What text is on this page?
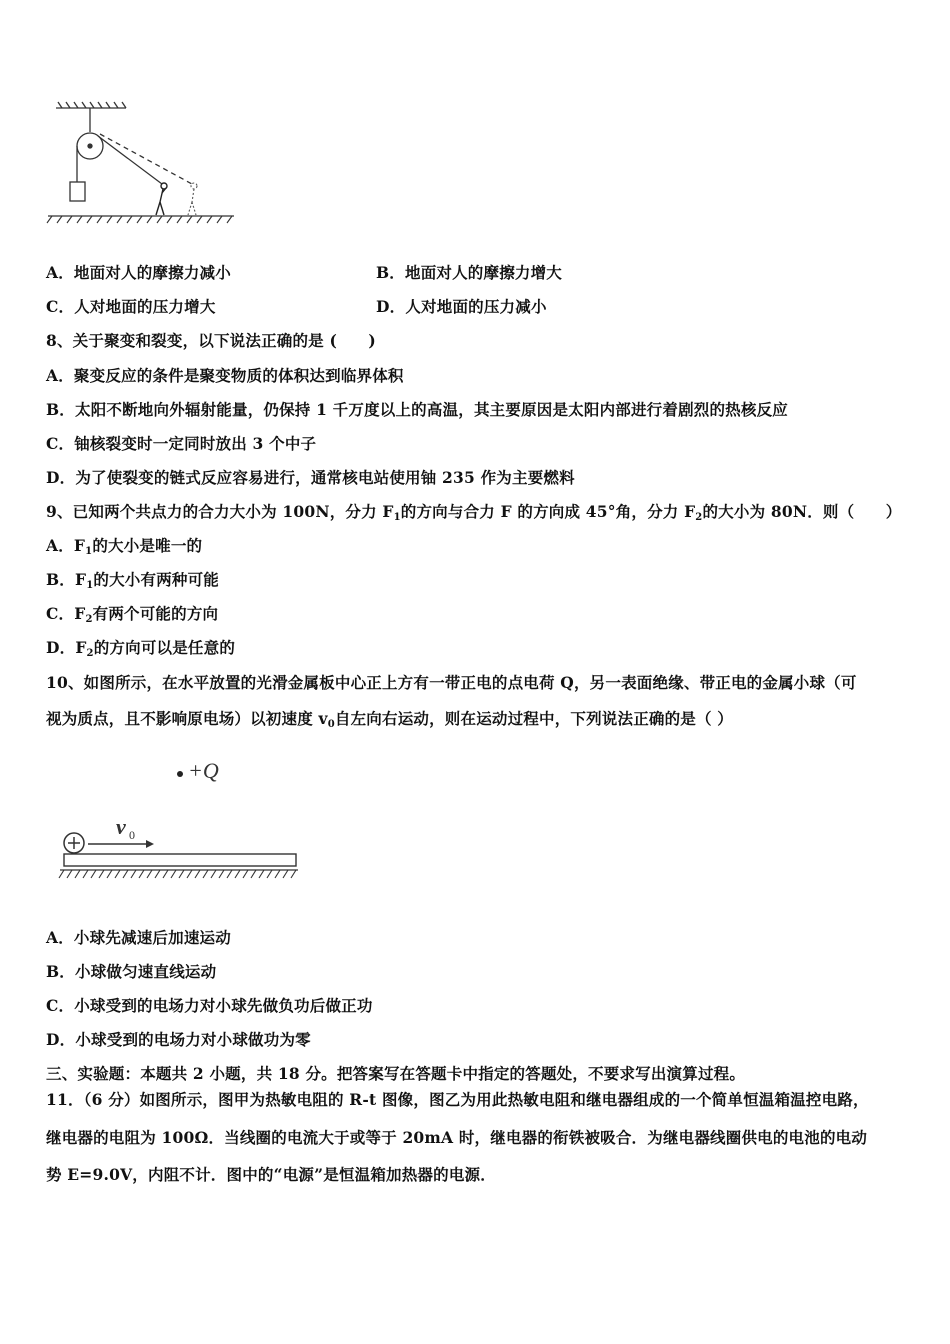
A．地面对人的摩擦力减小	B．地面对人的摩擦力增大
C．人对地面的压力增大	D．人对地面的压力减小
8、关于聚变和裂变，以下说法正确的是 (　　)
A．聚变反应的条件是聚变物质的体积达到临界体积
B．太阳不断地向外辐射能量，仍保持 1 千万度以上的高温，其主要原因是太阳内部进行着剧烈的热核反应
C．铀核裂变时一定同时放出 3 个中子
D．为了使裂变的链式反应容易进行，通常核电站使用铀 235 作为主要燃料
9、已知两个共点力的合力大小为 100N，分力 $F_1$的方向与合力 F 的方向成 45°角，分力 $F_2$的大小为 80N．则（　　）
A．$F_1$的大小是唯一的
B．$F_1$的大小有两种可能
C．$F_2$有两个可能的方向
D．$F_2$的方向可以是任意的
10、如图所示，在水平放置的光滑金属板中心正上方有一带正电的点电荷 Q，另一表面绝缘、带正电的金属小球（可
视为质点，且不影响原电场）以初速度 $v_0$自左向右运动，则在运动过程中，下列说法正确的是（ ）
+Q
v 0
A．小球先减速后加速运动
B．小球做匀速直线运动
C．小球受到的电场力对小球先做负功后做正功
D．小球受到的电场力对小球做功为零
三、实验题：本题共 2 小题，共 18 分。把答案写在答题卡中指定的答题处，不要求写出演算过程。
11．（6 分）如图所示，图甲为热敏电阻的 R-t 图像，图乙为用此热敏电阻和继电器组成的一个简单恒温箱温控电路，
继电器的电阻为 100Ω．当线圈的电流大于或等于 20mA 时，继电器的衔铁被吸合．为继电器线圈供电的电池的电动
势 E=9.0V，内阻不计．图中的“电源”是恒温箱加热器的电源．
